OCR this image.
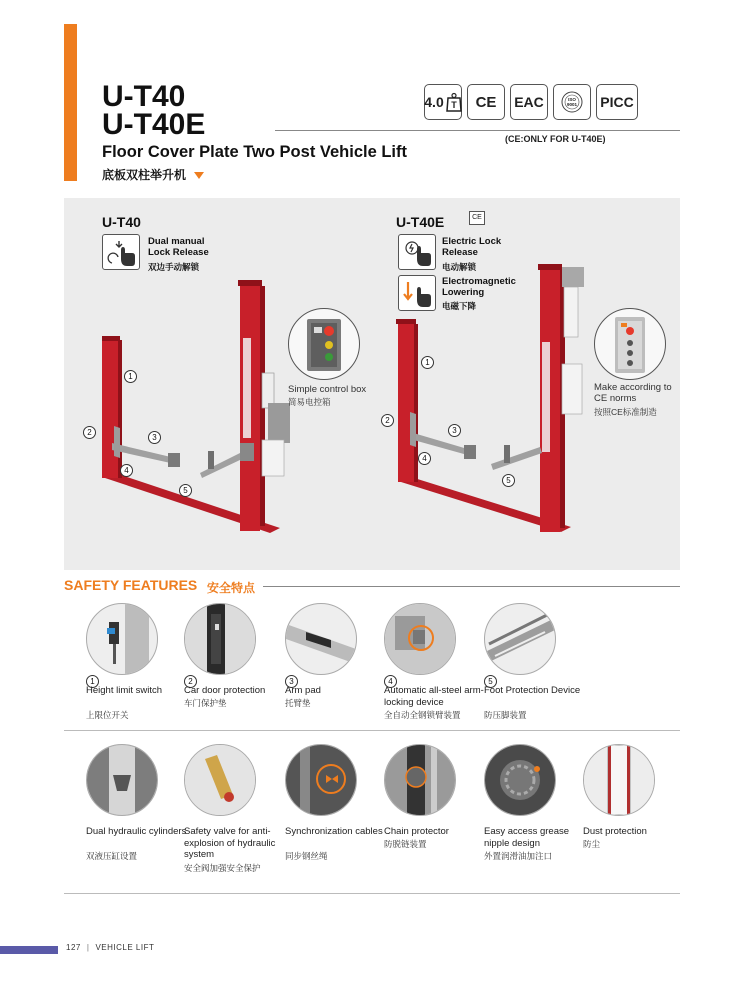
U-T40
U-T40E
Floor Cover Plate Two Post Vehicle Lift
底板双柱举升机
(CE:ONLY FOR U-T40E)
4.0 T CE EAC	ISO
9001 PICC
U-T40
Dual manual Lock Release
双边手动解锁
Simple control box
简易电控箱
1
2
3
4
5
U-T40E	CE
Electric Lock Release
电动解锁
Electromagnetic Lowering
电磁下降
Make according to CE norms
按照CE标准制造
1
2
3
4
5
SAFETY FEATURES 安全特点
1
Height limit switch
上限位开关
2
Car door protection
车门保护垫
3
Arm pad
托臂垫
4
Automatic all-steel arm-locking device
全自动全钢锁臂装置
5
Foot Protection Device
防压脚装置
Dual hydraulic cylinders
双液压缸设置
Safety valve for anti-explosion of hydraulic system
安全阀加强安全保护
Synchronization cables
同步钢丝绳
Chain protector
防脱链装置
Easy access grease nipple design
外置润滑油加注口
Dust protection
防尘
127 | VEHICLE LIFT
